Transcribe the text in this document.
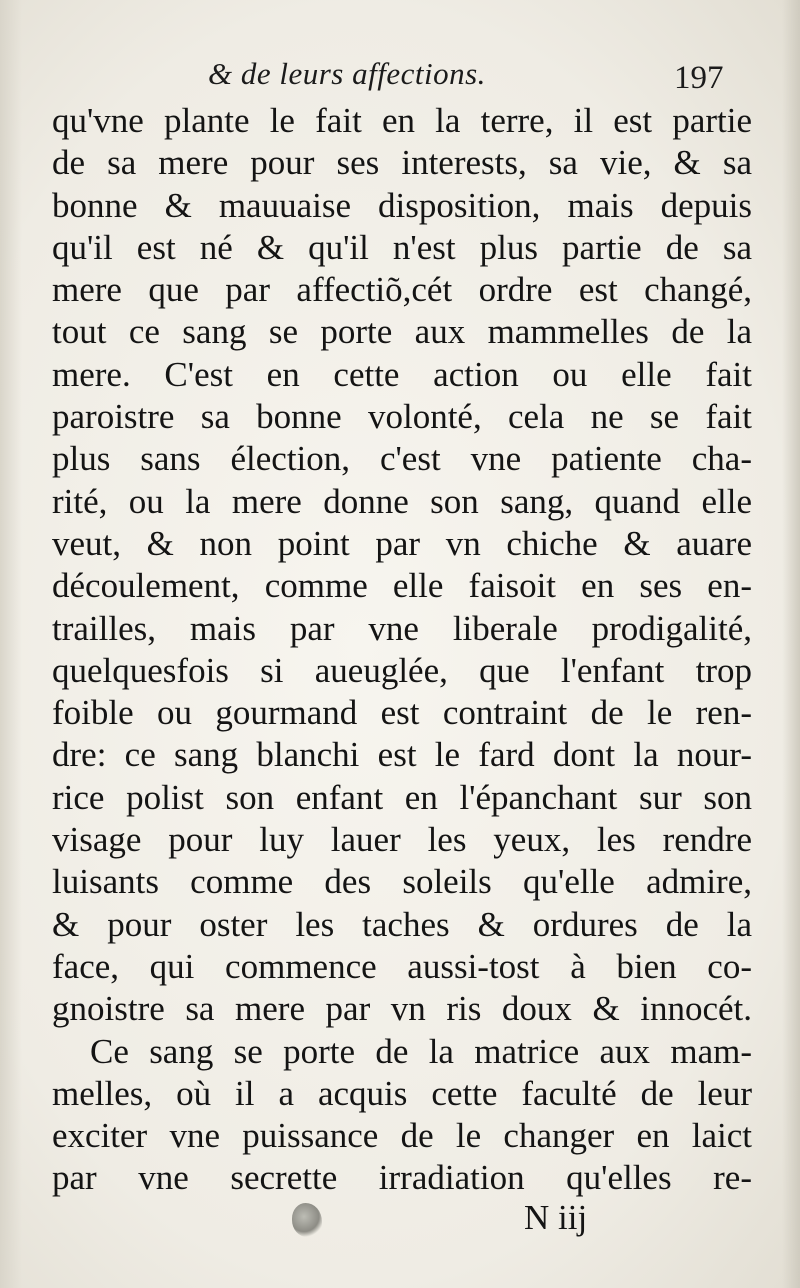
& de leurs affections.	197
qu'vne plante le fait en la terre, il est partie
de sa mere pour ses interests, sa vie, & sa
bonne & mauuaise disposition, mais depuis
qu'il est né & qu'il n'est plus partie de sa
mere que par affectiõ,cét ordre est changé,
tout ce sang se porte aux mammelles de la
mere. C'est en cette action ou elle fait
paroistre sa bonne volonté, cela ne se fait
plus sans élection, c'est vne patiente cha-
rité, ou la mere donne son sang, quand elle
veut, & non point par vn chiche & auare
découlement, comme elle faisoit en ses en-
trailles, mais par vne liberale prodigalité,
quelquesfois si aueuglée, que l'enfant trop
foible ou gourmand est contraint de le ren-
dre: ce sang blanchi est le fard dont la nour-
rice polist son enfant en l'épanchant sur son
visage pour luy lauer les yeux, les rendre
luisants comme des soleils qu'elle admire,
& pour oster les taches & ordures de la
face, qui commence aussi-tost à bien co-
gnoistre sa mere par vn ris doux & innocét.
Ce sang se porte de la matrice aux mam-
melles, où il a acquis cette faculté de leur
exciter vne puissance de le changer en laict
par vne secrette irradiation qu'elles re-
N iij
